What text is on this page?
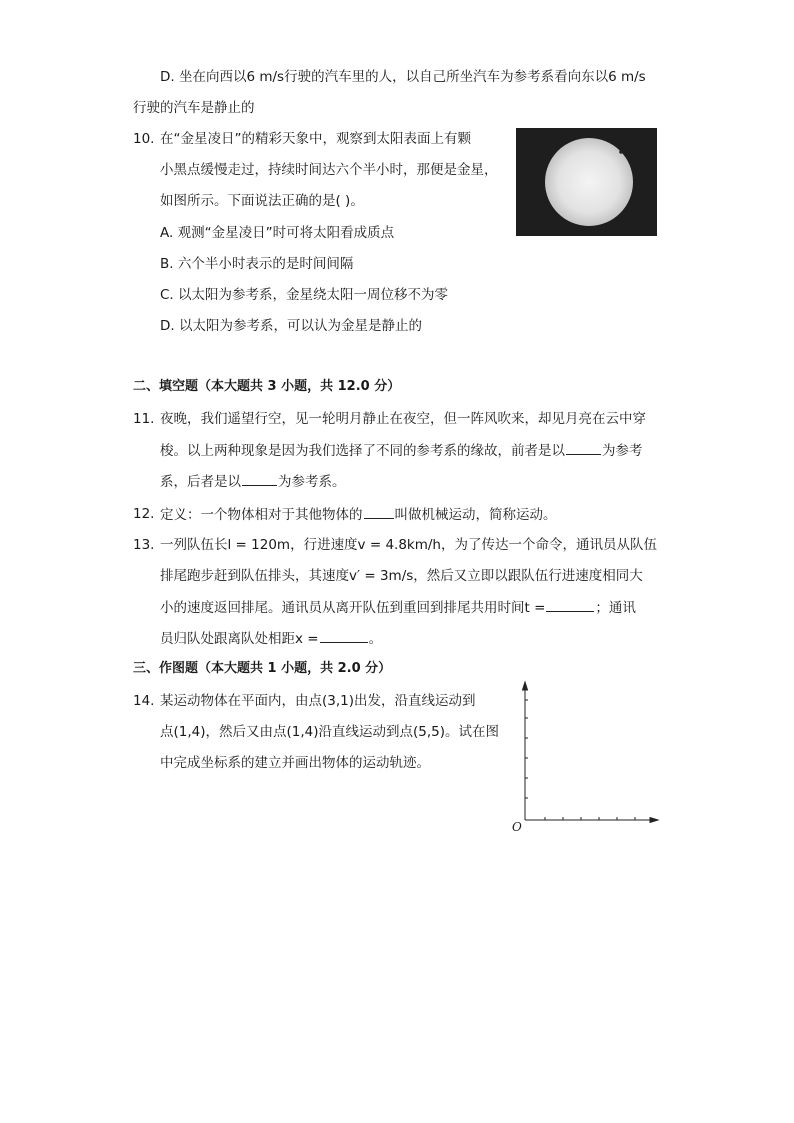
D. 坐在向西以6 m/s行驶的汽车里的人，以自己所坐汽车为参考系看向东以6 m/s
行驶的汽车是静止的
10. 在“金星凌日”的精彩天象中，观察到太阳表面上有颗
小黑点缓慢走过，持续时间达六个半小时，那便是金星，
如图所示。下面说法正确的是( )。
A. 观测“金星凌日”时可将太阳看成质点
B. 六个半小时表示的是时间间隔
C. 以太阳为参考系，金星绕太阳一周位移不为零
D. 以太阳为参考系，可以认为金星是静止的
二、填空题（本大题共 3 小题，共 12.0 分）
11. 夜晚，我们遥望行空，见一轮明月静止在夜空，但一阵风吹来，却见月亮在云中穿
梭。以上两种现象是因为我们选择了不同的参考系的缘故，前者是以	为参考
系，后者是以	为参考系。
12. 定义：一个物体相对于其他物体的 叫做机械运动，简称运动。
13. 一列队伍长l = 120m，行进速度v = 4.8km/h，为了传达一个命令，通讯员从队伍
排尾跑步赶到队伍排头，其速度v′ = 3m/s，然后又立即以跟队伍行进速度相同大
小的速度返回排尾。通讯员从离开队伍到重回到排尾共用时间t =	；通讯
员归队处跟离队处相距x =	。
三、作图题（本大题共 1 小题，共 2.0 分）
14. 某运动物体在平面内，由点(3,1)出发，沿直线运动到
点(1,4)，然后又由点(1,4)沿直线运动到点(5,5)。试在图
中完成坐标系的建立并画出物体的运动轨迹。
O
